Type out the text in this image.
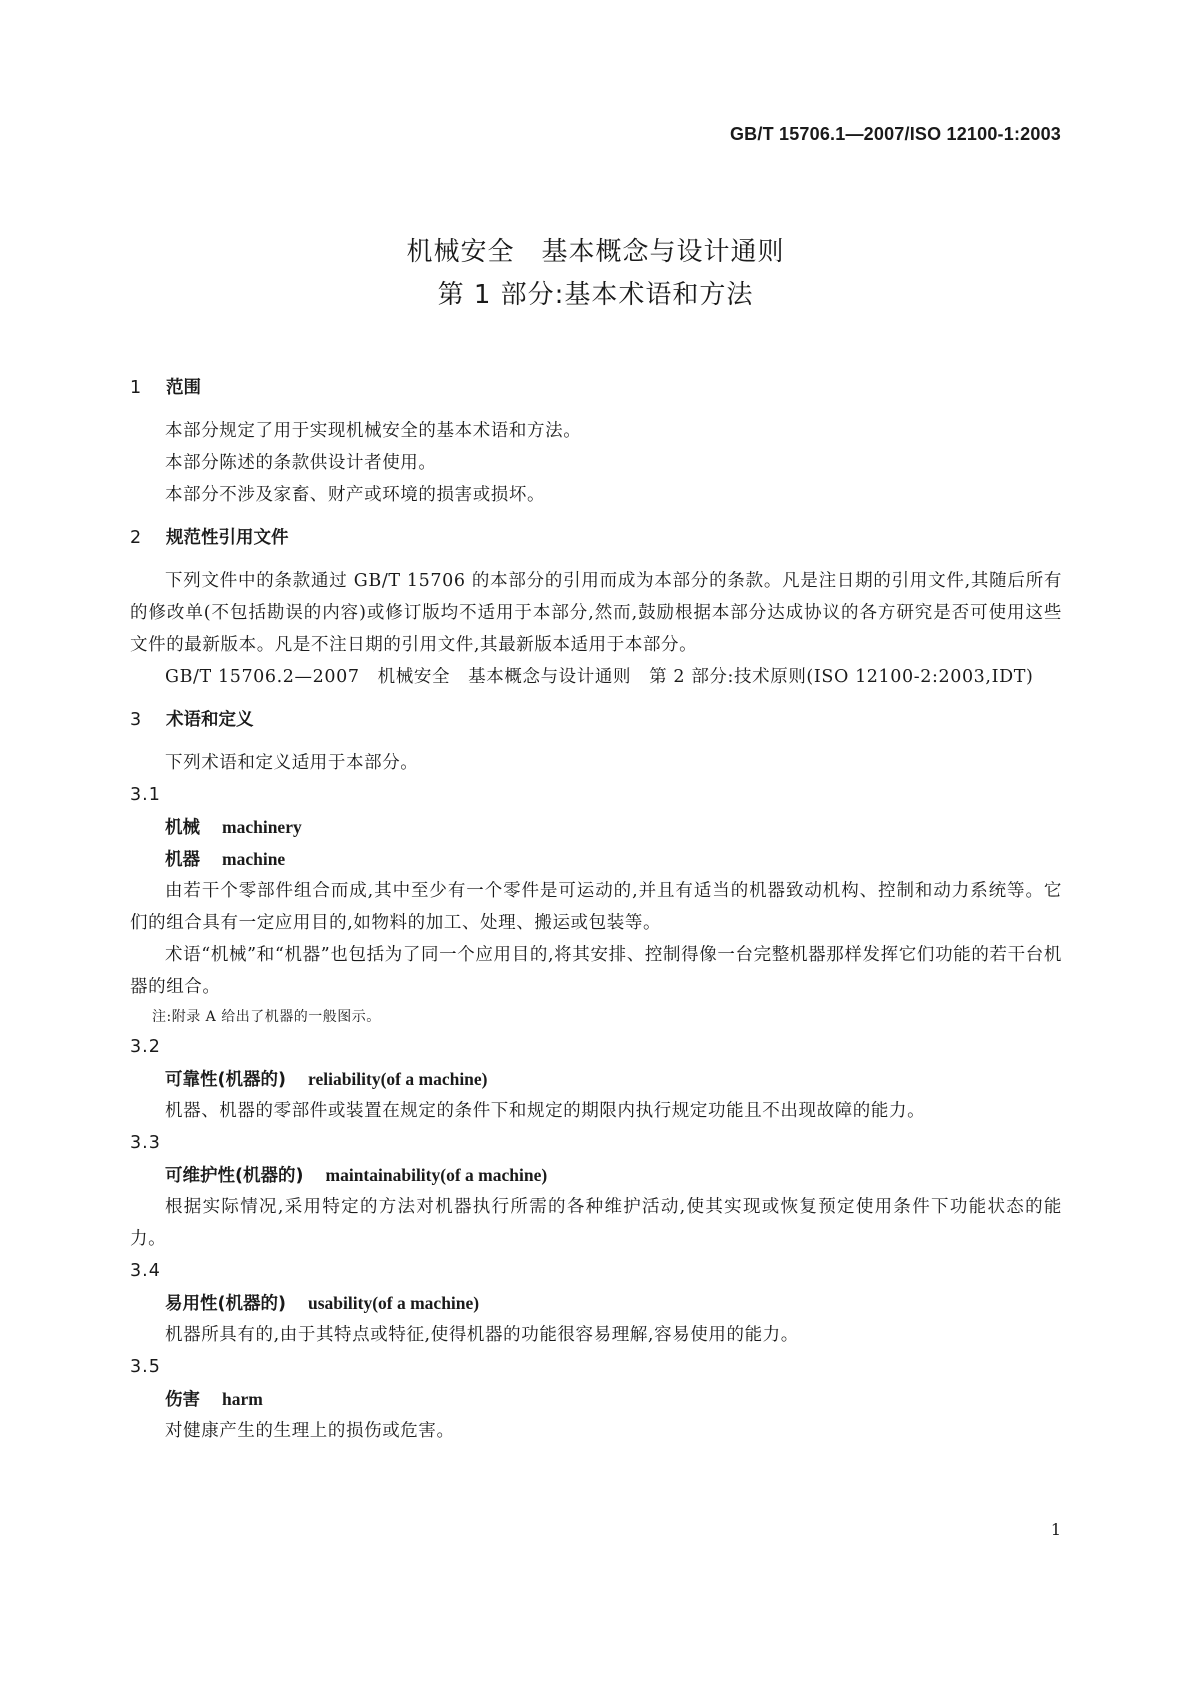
GB/T 15706.1—2007/ISO 12100-1:2003
机械安全　基本概念与设计通则
第 1 部分:基本术语和方法
1 范围

本部分规定了用于实现机械安全的基本术语和方法。

本部分陈述的条款供设计者使用。

本部分不涉及家畜、财产或环境的损害或损坏。

2 规范性引用文件

下列文件中的条款通过 GB/T 15706 的本部分的引用而成为本部分的条款。凡是注日期的引用文件,其随后所有的修改单(不包括勘误的内容)或修订版均不适用于本部分,然而,鼓励根据本部分达成协议的各方研究是否可使用这些文件的最新版本。凡是不注日期的引用文件,其最新版本适用于本部分。

GB/T 15706.2—2007　机械安全　基本概念与设计通则　第 2 部分:技术原则(ISO 12100-2:2003,IDT)

3 术语和定义

下列术语和定义适用于本部分。

3.1
机械 machinery
机器 machine

由若干个零部件组合而成,其中至少有一个零件是可运动的,并且有适当的机器致动机构、控制和动力系统等。它们的组合具有一定应用目的,如物料的加工、处理、搬运或包装等。

术语“机械”和“机器”也包括为了同一个应用目的,将其安排、控制得像一台完整机器那样发挥它们功能的若干台机器的组合。

注:附录 A 给出了机器的一般图示。

3.2
可靠性(机器的) reliability(of a machine)

机器、机器的零部件或装置在规定的条件下和规定的期限内执行规定功能且不出现故障的能力。

3.3
可维护性(机器的) maintainability(of a machine)

根据实际情况,采用特定的方法对机器执行所需的各种维护活动,使其实现或恢复预定使用条件下功能状态的能力。

3.4
易用性(机器的) usability(of a machine)

机器所具有的,由于其特点或特征,使得机器的功能很容易理解,容易使用的能力。

3.5
伤害 harm

对健康产生的生理上的损伤或危害。

1
